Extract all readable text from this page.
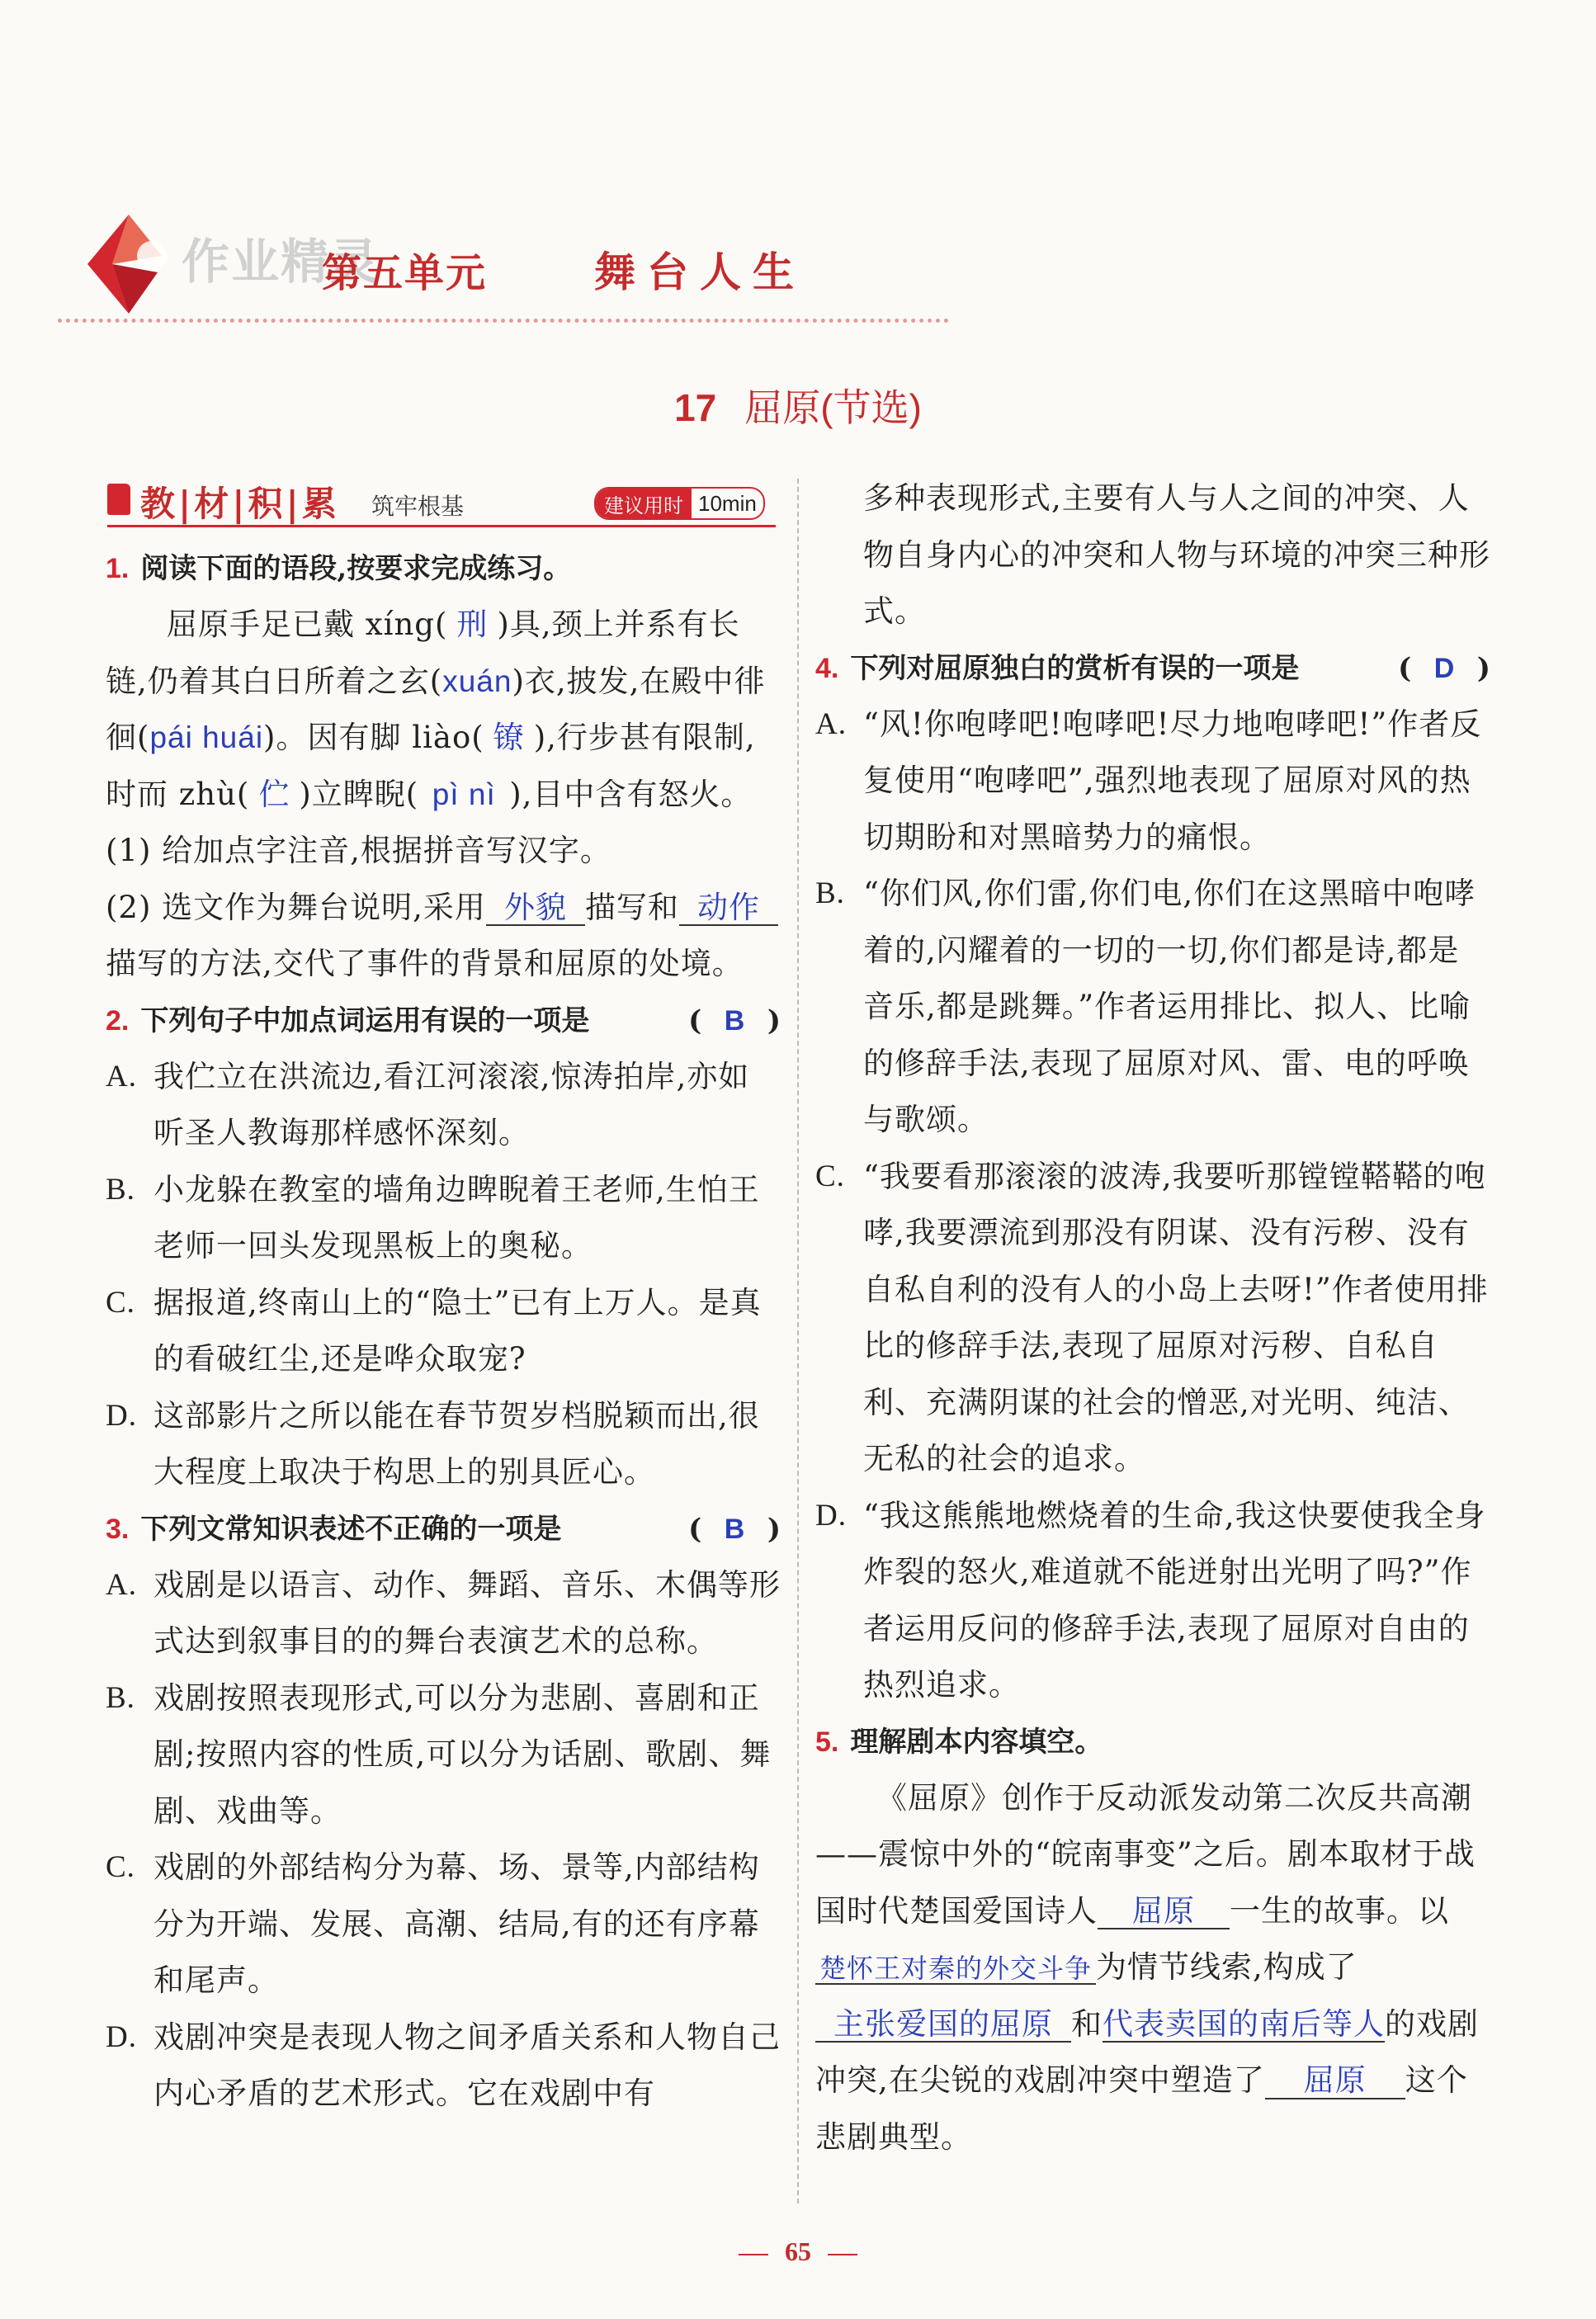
作业精灵
第五单元	舞台人生
17 屈原(节选)
教|材|积|累 筑牢根基	建议用时 10min
1. 阅读下面的语段,按要求完成练习。
屈原手足已戴 xíng( 刑 )具,颈上并系有长链,仍着其白日所着之玄(xuán)衣,披发,在殿中徘徊(pái huái)。因有脚 liào( 镣 ),行步甚有限制,时而 zhù( 伫 )立睥睨( pì nì ),目中含有怒火。
(1) 给加点字注音,根据拼音写汉字。
(2) 选文作为舞台说明,采用 外貌 描写和 动作描写的方法,交代了事件的背景和屈原的处境。
2. 下列句子中加点词运用有误的一项是	( B )
A. 我伫立在洪流边,看江河滚滚,惊涛拍岸,亦如听圣人教诲那样感怀深刻。
B. 小龙躲在教室的墙角边睥睨着王老师,生怕王老师一回头发现黑板上的奥秘。
C. 据报道,终南山上的“隐士”已有上万人。是真的看破红尘,还是哗众取宠?
D. 这部影片之所以能在春节贺岁档脱颖而出,很大程度上取决于构思上的别具匠心。
3. 下列文常知识表述不正确的一项是	( B )
A. 戏剧是以语言、动作、舞蹈、音乐、木偶等形式达到叙事目的的舞台表演艺术的总称。
B. 戏剧按照表现形式,可以分为悲剧、喜剧和正剧;按照内容的性质,可以分为话剧、歌剧、舞剧、戏曲等。
C. 戏剧的外部结构分为幕、场、景等,内部结构分为开端、发展、高潮、结局,有的还有序幕和尾声。
D. 戏剧冲突是表现人物之间矛盾关系和人物自己内心矛盾的艺术形式。它在戏剧中有
多种表现形式,主要有人与人之间的冲突、人物自身内心的冲突和人物与环境的冲突三种形式。
4. 下列对屈原独白的赏析有误的一项是	( D )
A. “风!你咆哮吧!咆哮吧!尽力地咆哮吧!”作者反复使用“咆哮吧”,强烈地表现了屈原对风的热切期盼和对黑暗势力的痛恨。
B. “你们风,你们雷,你们电,你们在这黑暗中咆哮着的,闪耀着的一切的一切,你们都是诗,都是音乐,都是跳舞。”作者运用排比、拟人、比喻的修辞手法,表现了屈原对风、雷、电的呼唤与歌颂。
C. “我要看那滚滚的波涛,我要听那镗镗鞳鞳的咆哮,我要漂流到那没有阴谋、没有污秽、没有自私自利的没有人的小岛上去呀!”作者使用排比的修辞手法,表现了屈原对污秽、自私自利、充满阴谋的社会的憎恶,对光明、纯洁、无私的社会的追求。
D. “我这熊熊地燃烧着的生命,我这快要使我全身炸裂的怒火,难道就不能迸射出光明了吗?”作者运用反问的修辞手法,表现了屈原对自由的热烈追求。
5. 理解剧本内容填空。
《屈原》创作于反动派发动第二次反共高潮——震惊中外的“皖南事变”之后。剧本取材于战国时代楚国爱国诗人 屈原 一生的故事。以楚怀王对秦的外交斗争 为情节线索,构成了主张爱国的屈原 和代表卖国的南后等人的戏剧冲突,在尖锐的戏剧冲突中塑造了 屈原 这个悲剧典型。
65
